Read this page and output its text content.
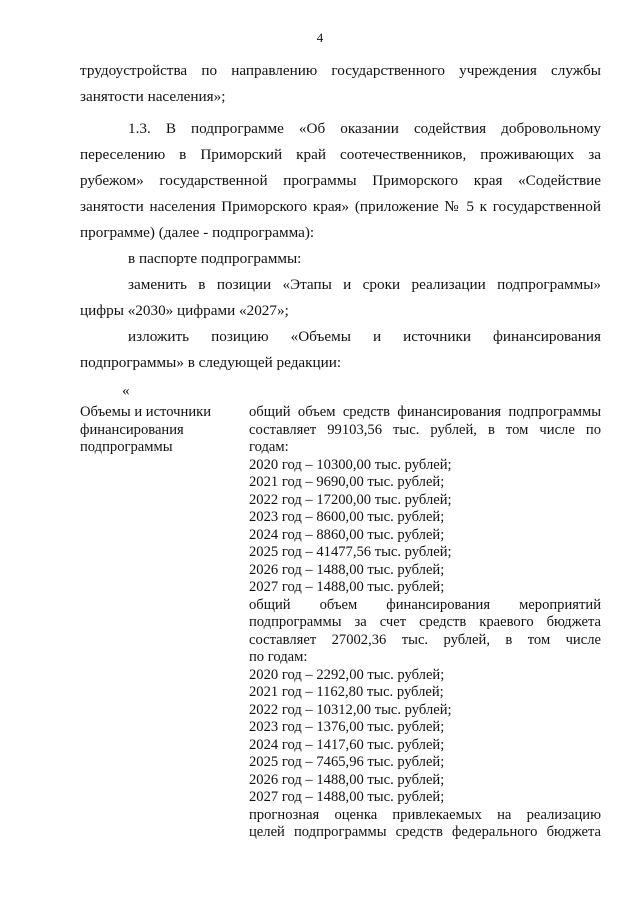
4
трудоустройства по направлению государственного учреждения службы
занятости населения»;
1.3. В подпрограмме «Об оказании содействия добровольному
переселению в Приморский край соотечественников, проживающих за
рубежом» государственной программы Приморского края «Содействие
занятости населения Приморского края» (приложение № 5 к государственной
программе) (далее - подпрограмма):
в паспорте подпрограммы:
заменить в позиции «Этапы и сроки реализации подпрограммы»
цифры «2030» цифрами «2027»;
изложить позицию «Объемы и источники финансирования
подпрограммы» в следующей редакции:
«
Объемы и источники
финансирования
подпрограммы
общий объем средств финансирования подпрограммы
составляет 99103,56 тыс. рублей, в том числе по
годам:
2020 год – 10300,00 тыс. рублей;
2021 год – 9690,00 тыс. рублей;
2022 год – 17200,00 тыс. рублей;
2023 год – 8600,00 тыс. рублей;
2024 год – 8860,00 тыс. рублей;
2025 год – 41477,56 тыс. рублей;
2026 год – 1488,00 тыс. рублей;
2027 год – 1488,00 тыс. рублей;
общий объем финансирования мероприятий
подпрограммы за счет средств краевого бюджета
составляет 27002,36 тыс. рублей, в том числе
по годам:
2020 год – 2292,00 тыс. рублей;
2021 год – 1162,80 тыс. рублей;
2022 год – 10312,00 тыс. рублей;
2023 год – 1376,00 тыс. рублей;
2024 год – 1417,60 тыс. рублей;
2025 год – 7465,96 тыс. рублей;
2026 год – 1488,00 тыс. рублей;
2027 год – 1488,00 тыс. рублей;
прогнозная оценка привлекаемых на реализацию
целей подпрограммы средств федерального бюджета
